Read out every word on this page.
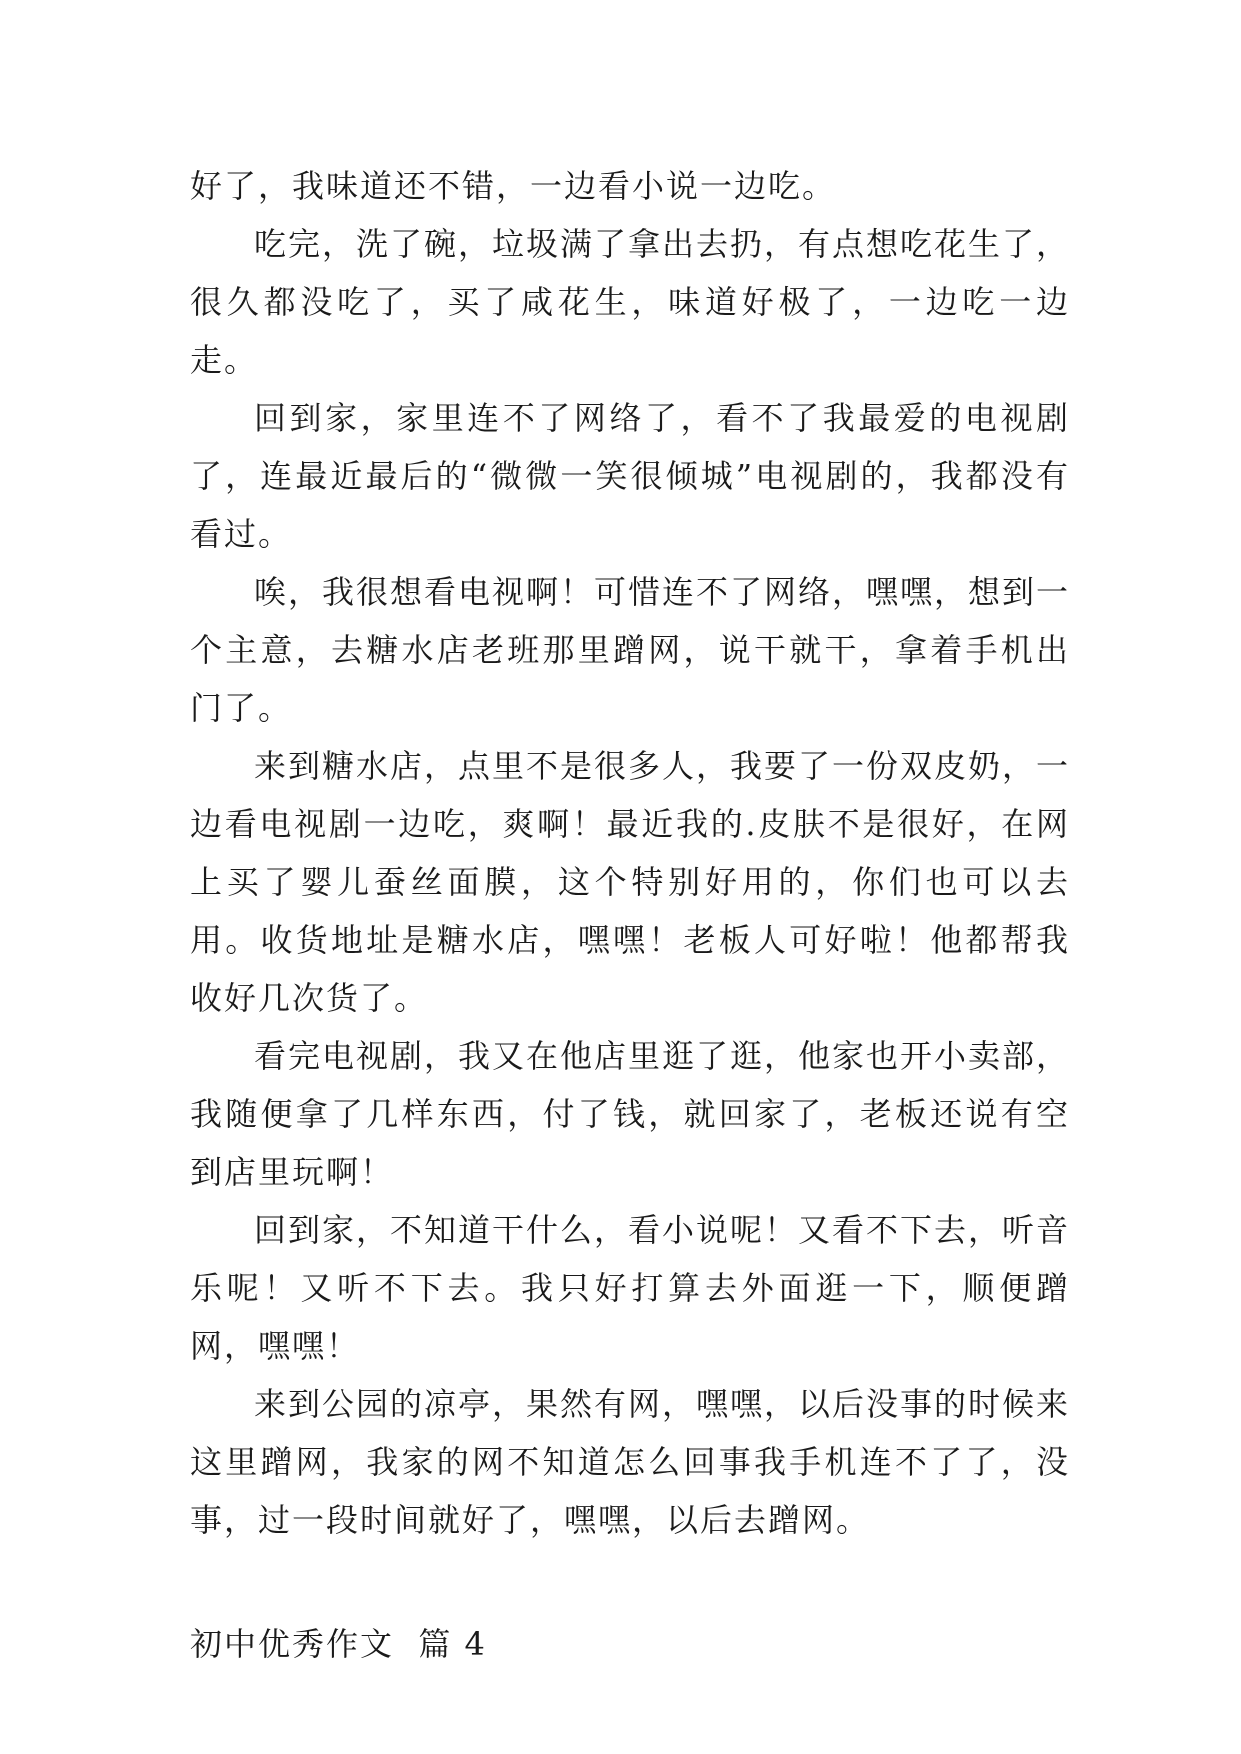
好了，我味道还不错，一边看小说一边吃。

吃完，洗了碗，垃圾满了拿出去扔，有点想吃花生了，很久都没吃了，买了咸花生，味道好极了，一边吃一边走。

回到家，家里连不了网络了，看不了我最爱的电视剧了，连最近最后的“微微一笑很倾城”电视剧的，我都没有看过。

唉，我很想看电视啊！可惜连不了网络，嘿嘿，想到一个主意，去糖水店老班那里蹭网，说干就干，拿着手机出门了。

来到糖水店，点里不是很多人，我要了一份双皮奶，一边看电视剧一边吃，爽啊！最近我的.皮肤不是很好，在网上买了婴儿蚕丝面膜，这个特别好用的，你们也可以去用。收货地址是糖水店，嘿嘿！老板人可好啦！他都帮我收好几次货了。

看完电视剧，我又在他店里逛了逛，他家也开小卖部，我随便拿了几样东西，付了钱，就回家了，老板还说有空到店里玩啊！

回到家，不知道干什么，看小说呢！又看不下去，听音乐呢！又听不下去。我只好打算去外面逛一下，顺便蹭网，嘿嘿！

来到公园的凉亭，果然有网，嘿嘿，以后没事的时候来这里蹭网，我家的网不知道怎么回事我手机连不了了，没事，过一段时间就好了，嘿嘿，以后去蹭网。

初中优秀作文  篇 4
